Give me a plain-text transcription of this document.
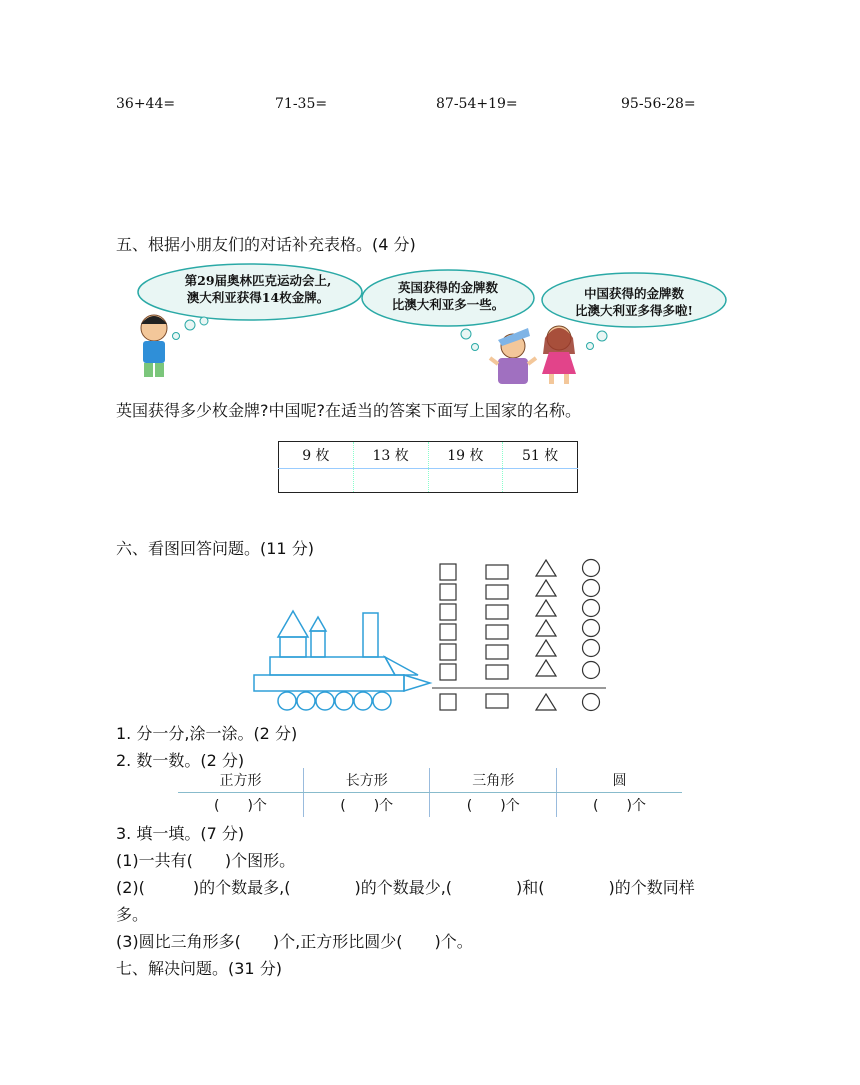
36+44=	71-35=	87-54+19=	95-56-28=
五、根据小朋友们的对话补充表格。(4 分)
第29届奥林匹克运动会上,
澳大利亚获得14枚金牌。
英国获得的金牌数
比澳大利亚多一些。
中国获得的金牌数
比澳大利亚多得多啦!
英国获得多少枚金牌?中国呢?在适当的答案下面写上国家的名称。
9 枚	13 枚	19 枚	51 枚

六、看图回答问题。(11 分)
1. 分一分,涂一涂。(2 分)
2. 数一数。(2 分)
正方形	长方形	三角形	圆
(　　)个	(　　)个	(　　)个	(　　)个
3. 填一填。(7 分)
(1)一共有(　　)个图形。
(2)(　　　)的个数最多,(　　　　)的个数最少,(　　　　)和(　　　　)的个数同样
多。
(3)圆比三角形多(　　)个,正方形比圆少(　　)个。
七、解决问题。(31 分)
